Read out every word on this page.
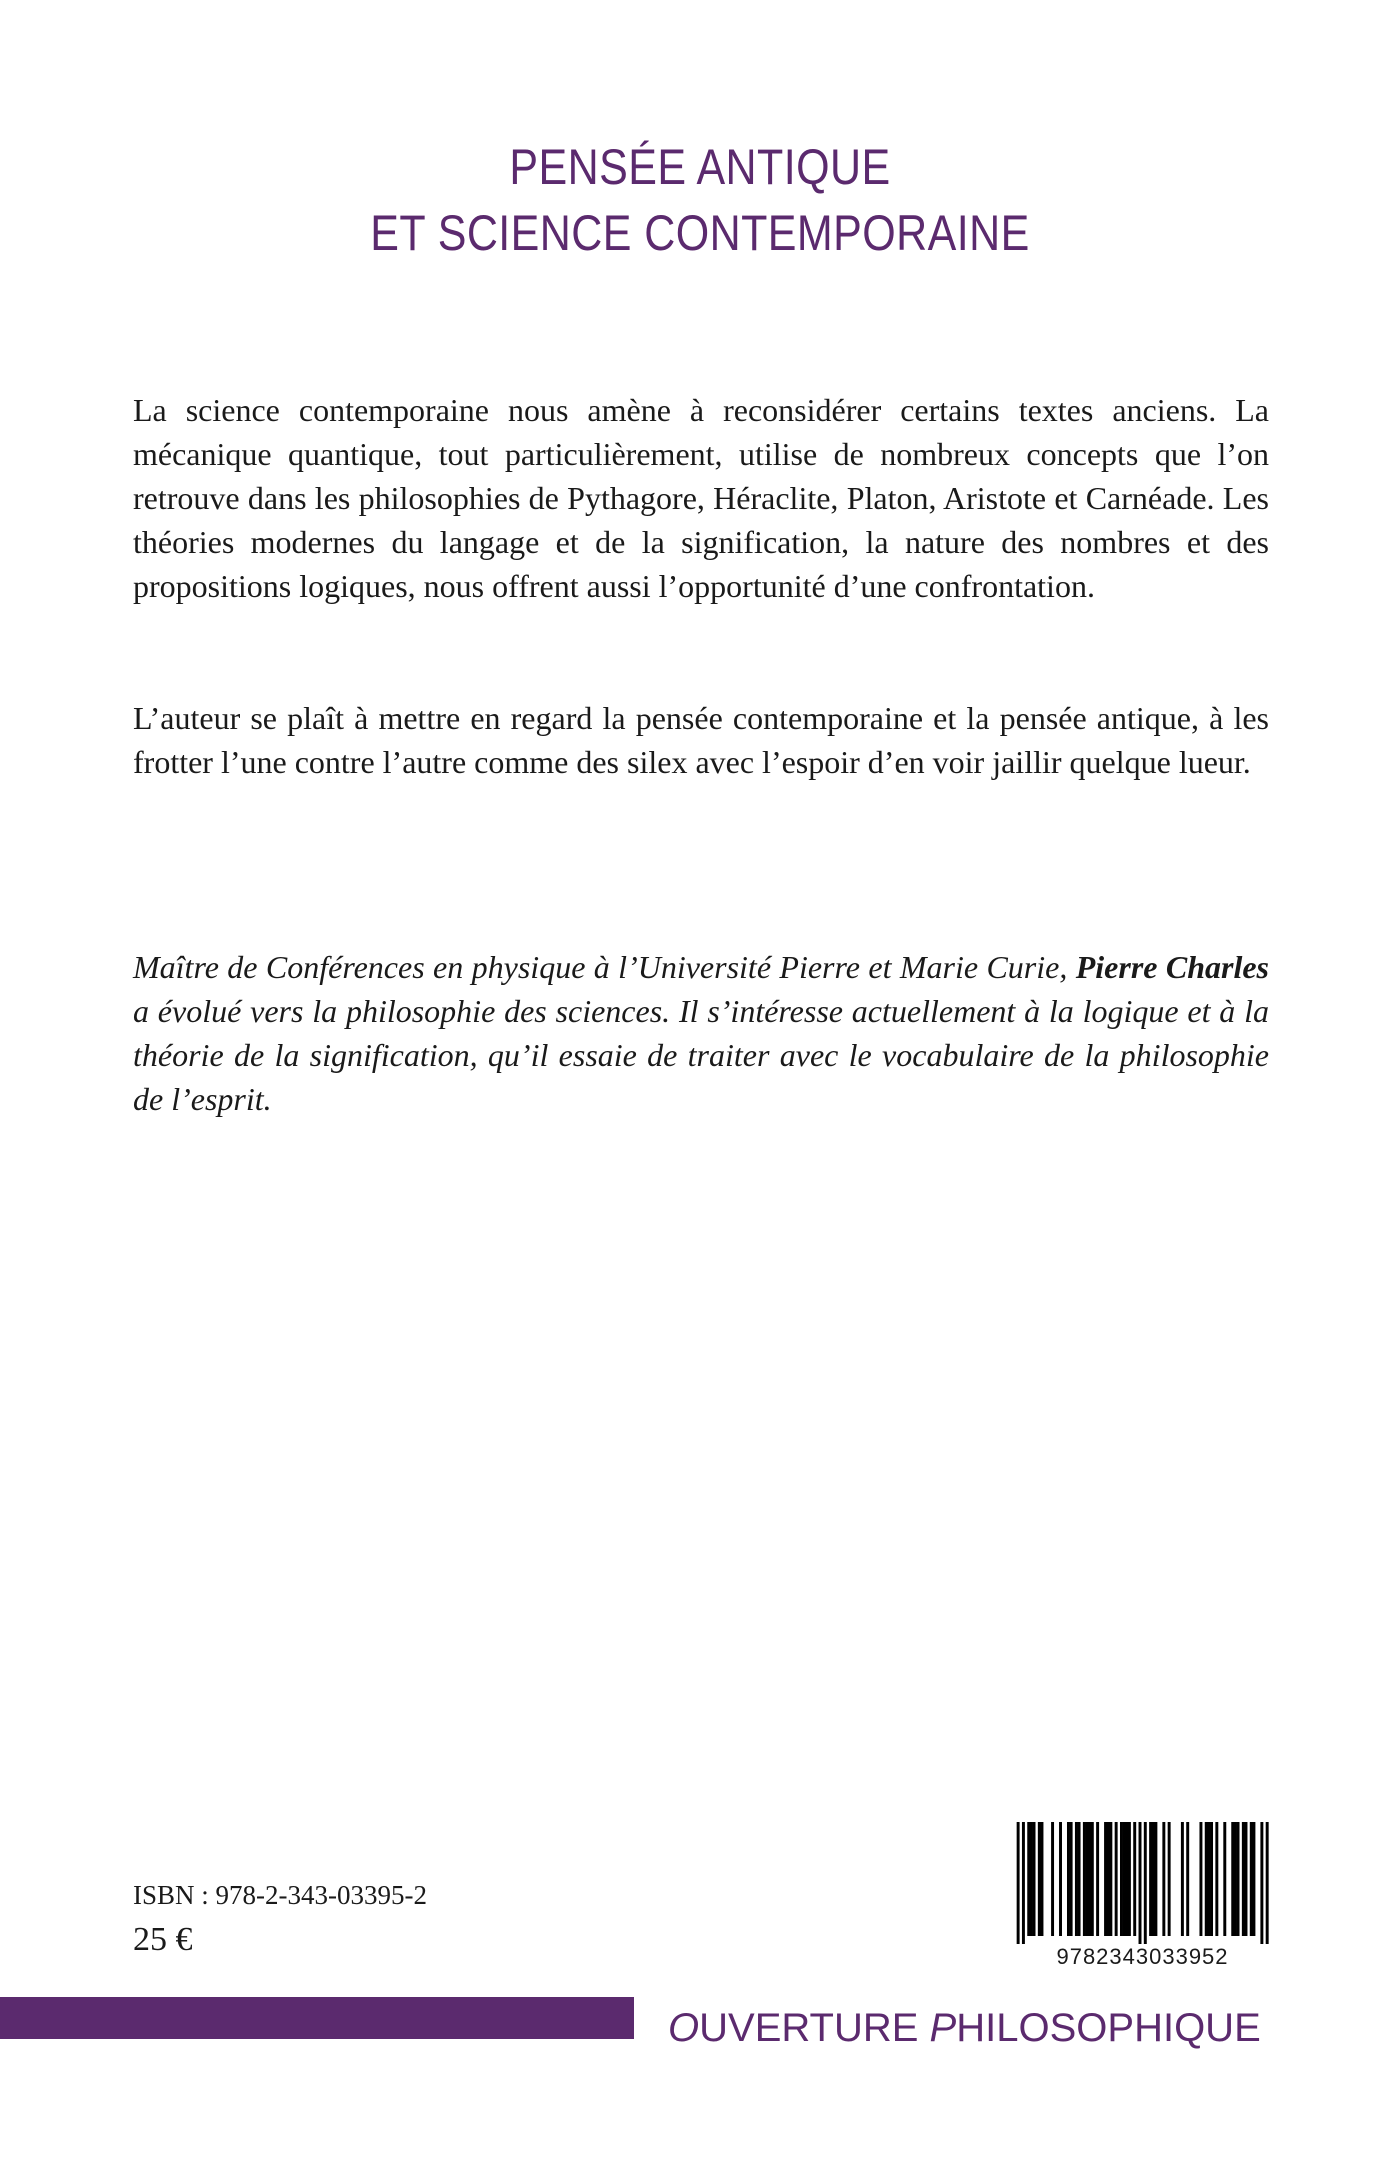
PENSÉE ANTIQUE
ET SCIENCE CONTEMPORAINE

La science contemporaine nous amène à reconsidérer certains textes anciens. La mécanique quantique, tout particulièrement, utilise de nombreux concepts que l’on retrouve dans les philosophies de Pythagore, Héraclite, Platon, Aristote et Carnéade. Les théories modernes du langage et de la signification, la nature des nombres et des propositions logiques, nous offrent aussi l’opportunité d’une confrontation.

L’auteur se plaît à mettre en regard la pensée contemporaine et la pensée antique, à les frotter l’une contre l’autre comme des silex avec l’espoir d’en voir jaillir quelque lueur.

Maître de Conférences en physique à l’Université Pierre et Marie Curie, Pierre Charles a évolué vers la philosophie des sciences. Il s’intéresse actuellement à la logique et à la théorie de la signification, qu’il essaie de traiter avec le vocabulaire de la philosophie de l’esprit.

ISBN : 978-2-343-03395-2
25 €	9782343033952
OUVERTURE PHILOSOPHIQUE
